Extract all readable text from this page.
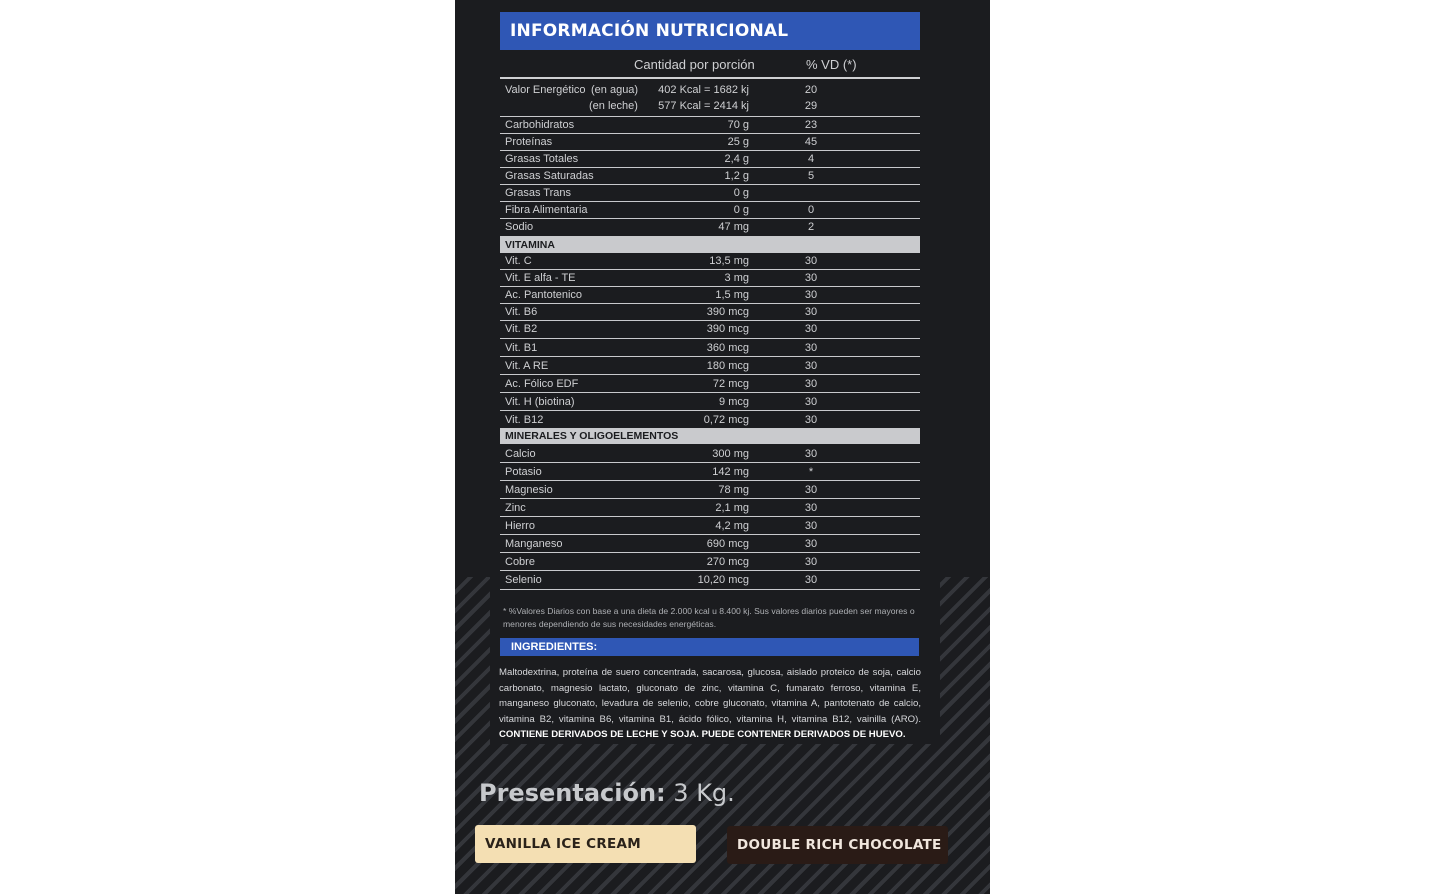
INFORMACIÓN NUTRICIONAL
Cantidad por porción	% VD (*)
Valor Energético (en agua) 402 Kcal = 1682 kj	20
(en leche) 577 Kcal = 2414 kj	29
Carbohidratos	70 g	23
Proteínas	25 g	45
Grasas Totales	2,4 g	4
Grasas Saturadas	1,2 g	5
Grasas Trans	0 g
Fibra Alimentaria	0 g	0
Sodio	47 mg	2
VITAMINA
Vit. C	13,5 mg	30
Vit. E alfa - TE	3 mg	30
Ac. Pantotenico	1,5 mg	30
Vit. B6	390 mcg	30
Vit. B2	390 mcg	30
Vit. B1	360 mcg	30
Vit. A RE	180 mcg	30
Ac. Fólico EDF	72 mcg	30
Vit. H (biotina)	9 mcg	30
Vit. B12	0,72 mcg	30
MINERALES Y OLIGOELEMENTOS
Calcio	300 mg	30
Potasio	142 mg	*
Magnesio	78 mg	30
Zinc	2,1 mg	30
Hierro	4,2 mg	30
Manganeso	690 mcg	30
Cobre	270 mcg	30
Selenio	10,20 mcg	30
* %Valores Diarios con base a una dieta de 2.000 kcal u 8.400 kj. Sus valores diarios pueden ser mayores o menores dependiendo de sus necesidades energéticas.
INGREDIENTES:
Maltodextrina, proteína de suero concentrada, sacarosa, glucosa, aislado proteico de soja, calcio carbonato, magnesio lactato, gluconato de zinc, vitamina C, fumarato ferroso, vitamina E, manganeso gluconato, levadura de selenio, cobre gluconato, vitamina A, pantotenato de calcio, vitamina B2, vitamina B6, vitamina B1, ácido fólico, vitamina H, vitamina B12, vainilla (ARO). CONTIENE DERIVADOS DE LECHE Y SOJA. PUEDE CONTENER DERIVADOS DE HUEVO.
Presentación: 3 Kg.
VANILLA ICE CREAM	DOUBLE RICH CHOCOLATE
